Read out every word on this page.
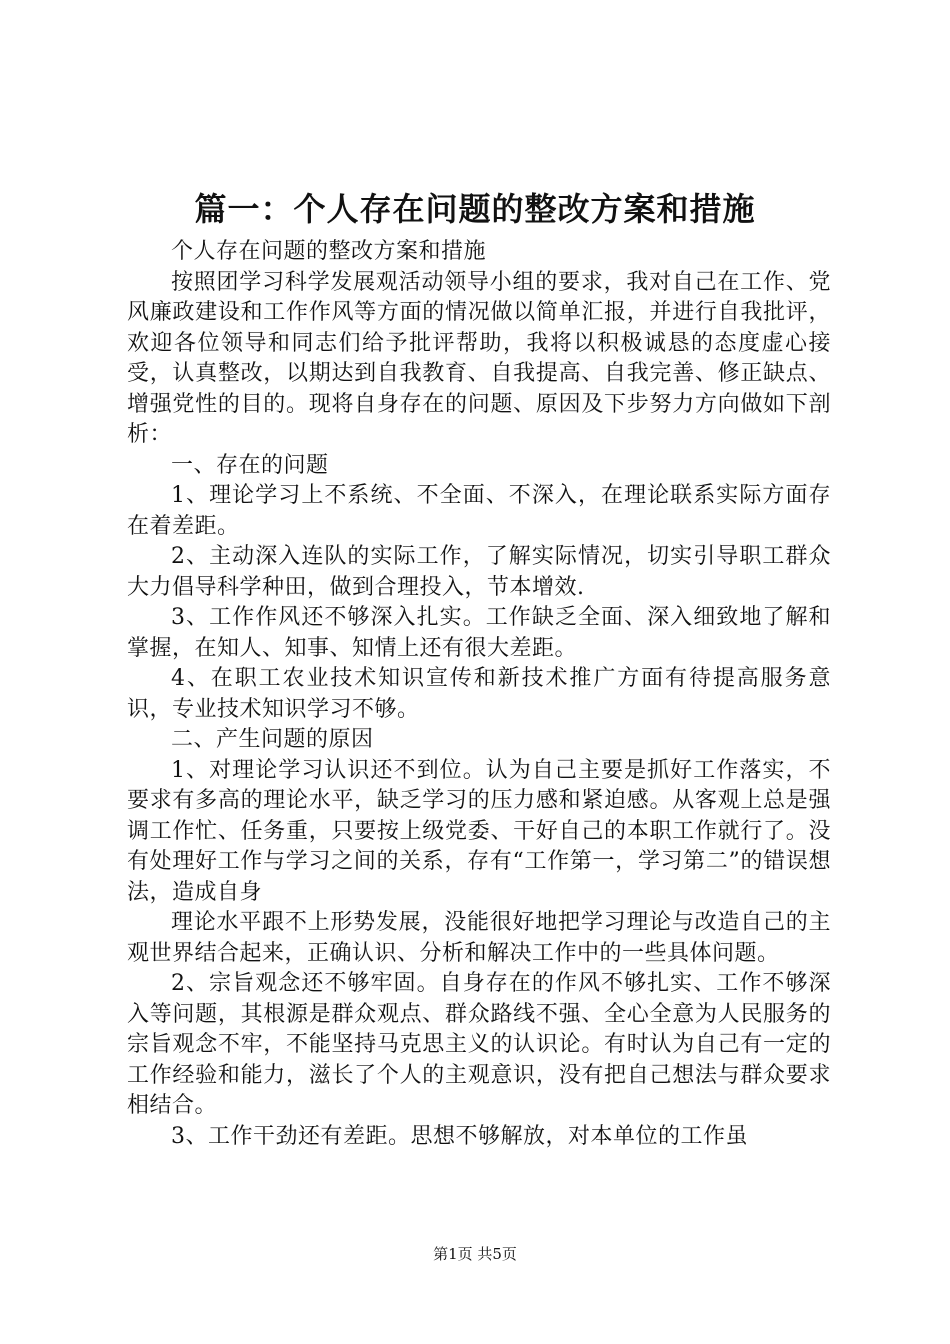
篇一：个人存在问题的整改方案和措施

个人存在问题的整改方案和措施

按照团学习科学发展观活动领导小组的要求，我对自己在工作、党风廉政建设和工作作风等方面的情况做以简单汇报，并进行自我批评，欢迎各位领导和同志们给予批评帮助，我将以积极诚恳的态度虚心接受，认真整改，以期达到自我教育、自我提高、自我完善、修正缺点、增强党性的目的。现将自身存在的问题、原因及下步努力方向做如下剖析：

一、存在的问题

1、理论学习上不系统、不全面、不深入，在理论联系实际方面存在着差距。

2、主动深入连队的实际工作，了解实际情况，切实引导职工群众大力倡导科学种田，做到合理投入，节本增效.

3、工作作风还不够深入扎实。工作缺乏全面、深入细致地了解和掌握，在知人、知事、知情上还有很大差距。

4、在职工农业技术知识宣传和新技术推广方面有待提高服务意识，专业技术知识学习不够。

二、产生问题的原因

1、对理论学习认识还不到位。认为自己主要是抓好工作落实，不要求有多高的理论水平，缺乏学习的压力感和紧迫感。从客观上总是强调工作忙、任务重，只要按上级党委、干好自己的本职工作就行了。没有处理好工作与学习之间的关系，存有“工作第一，学习第二”的错误想法，造成自身

理论水平跟不上形势发展，没能很好地把学习理论与改造自己的主观世界结合起来，正确认识、分析和解决工作中的一些具体问题。

2、宗旨观念还不够牢固。自身存在的作风不够扎实、工作不够深入等问题，其根源是群众观点、群众路线不强、全心全意为人民服务的宗旨观念不牢，不能坚持马克思主义的认识论。有时认为自己有一定的工作经验和能力，滋长了个人的主观意识，没有把自己想法与群众要求相结合。

3、工作干劲还有差距。思想不够解放，对本单位的工作虽

第1页 共5页
